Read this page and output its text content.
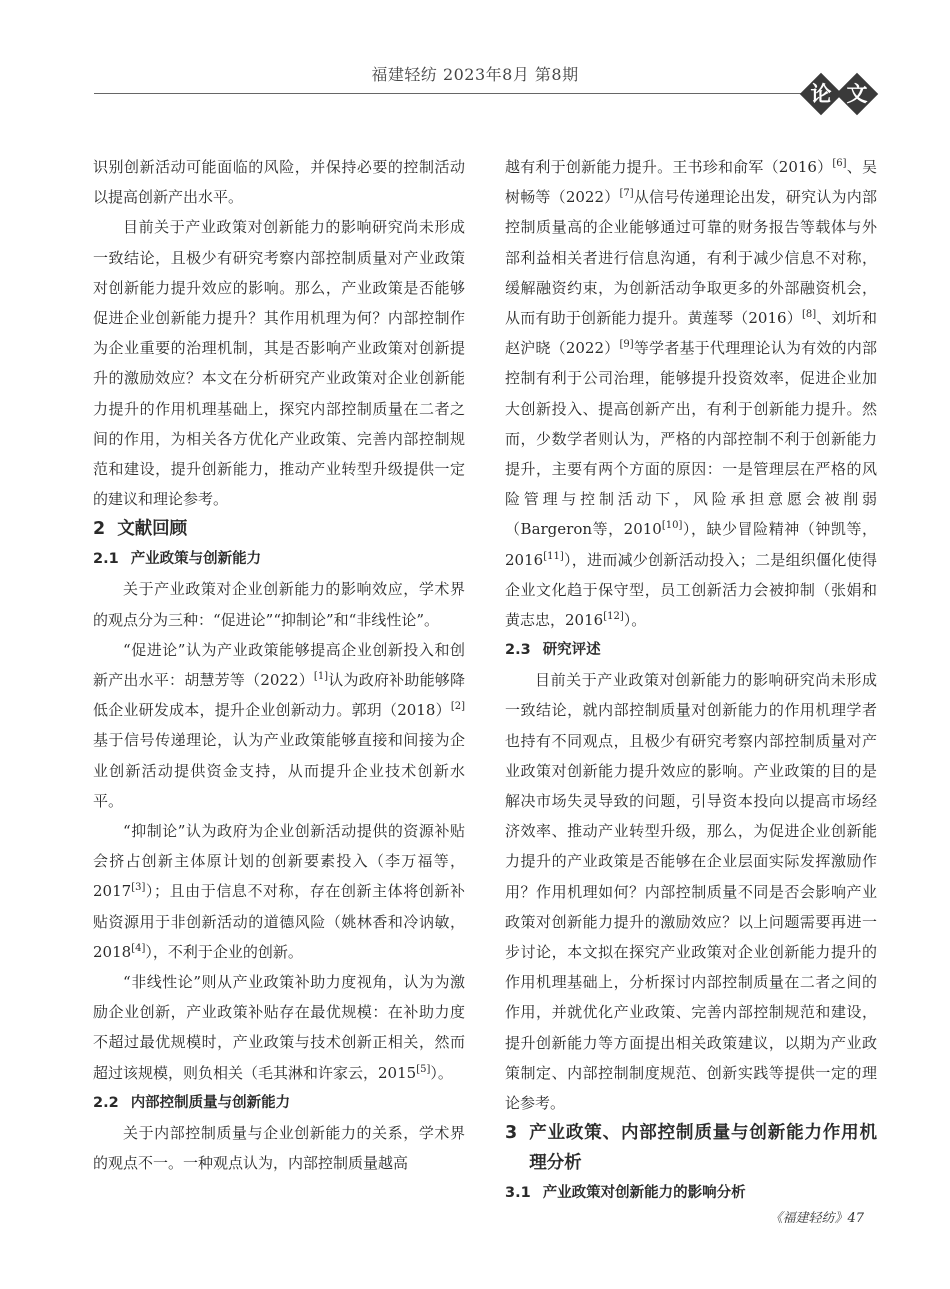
福建轻纺 2023年8月 第8期
论 文

识别创新活动可能面临的风险，并保持必要的控制活动以提高创新产出水平。

目前关于产业政策对创新能力的影响研究尚未形成一致结论，且极少有研究考察内部控制质量对产业政策对创新能力提升效应的影响。那么，产业政策是否能够促进企业创新能力提升？其作用机理为何？内部控制作为企业重要的治理机制，其是否影响产业政策对创新提升的激励效应？本文在分析研究产业政策对企业创新能力提升的作用机理基础上，探究内部控制质量在二者之间的作用，为相关各方优化产业政策、完善内部控制规范和建设，提升创新能力，推动产业转型升级提供一定的建议和理论参考。

2 文献回顾
2.1 产业政策与创新能力

关于产业政策对企业创新能力的影响效应，学术界的观点分为三种：“促进论”“抑制论”和“非线性论”。

“促进论”认为产业政策能够提高企业创新投入和创新产出水平：胡慧芳等（2022）[1]认为政府补助能够降低企业研发成本，提升企业创新动力。郭玥（2018）[2]基于信号传递理论，认为产业政策能够直接和间接为企业创新活动提供资金支持，从而提升企业技术创新水平。

“抑制论”认为政府为企业创新活动提供的资源补贴会挤占创新主体原计划的创新要素投入（李万福等，2017[3]）；且由于信息不对称，存在创新主体将创新补贴资源用于非创新活动的道德风险（姚林香和冷讷敏，2018[4]），不利于企业的创新。

“非线性论”则从产业政策补助力度视角，认为为激励企业创新，产业政策补贴存在最优规模：在补助力度不超过最优规模时，产业政策与技术创新正相关，然而超过该规模，则负相关（毛其淋和许家云，2015[5]）。

2.2 内部控制质量与创新能力

关于内部控制质量与企业创新能力的关系，学术界的观点不一。一种观点认为，内部控制质量越高

越有利于创新能力提升。王书珍和俞军（2016）[6]、吴树畅等（2022）[7]从信号传递理论出发，研究认为内部控制质量高的企业能够通过可靠的财务报告等载体与外部利益相关者进行信息沟通，有利于减少信息不对称，缓解融资约束，为创新活动争取更多的外部融资机会，从而有助于创新能力提升。黄莲琴（2016）[8]、刘圻和赵沪晓（2022）[9]等学者基于代理理论认为有效的内部控制有利于公司治理，能够提升投资效率，促进企业加大创新投入、提高创新产出，有利于创新能力提升。然而，少数学者则认为，严格的内部控制不利于创新能力提升，主要有两个方面的原因：一是管理层在严格的风险管理与控制活动下，风险承担意愿会被削弱（Bargeron等，2010[10]），缺少冒险精神（钟凯等，2016[11]），进而减少创新活动投入；二是组织僵化使得企业文化趋于保守型，员工创新活力会被抑制（张娟和黄志忠，2016[12]）。

2.3 研究评述

目前关于产业政策对创新能力的影响研究尚未形成一致结论，就内部控制质量对创新能力的作用机理学者也持有不同观点，且极少有研究考察内部控制质量对产业政策对创新能力提升效应的影响。产业政策的目的是解决市场失灵导致的问题，引导资本投向以提高市场经济效率、推动产业转型升级，那么，为促进企业创新能力提升的产业政策是否能够在企业层面实际发挥激励作用？作用机理如何？内部控制质量不同是否会影响产业政策对创新能力提升的激励效应？以上问题需要再进一步讨论，本文拟在探究产业政策对企业创新能力提升的作用机理基础上，分析探讨内部控制质量在二者之间的作用，并就优化产业政策、完善内部控制规范和建设，提升创新能力等方面提出相关政策建议，以期为产业政策制定、内部控制制度规范、创新实践等提供一定的理论参考。

3 产业政策、内部控制质量与创新能力作用机理分析
3.1 产业政策对创新能力的影响分析
《福建轻纺》47
